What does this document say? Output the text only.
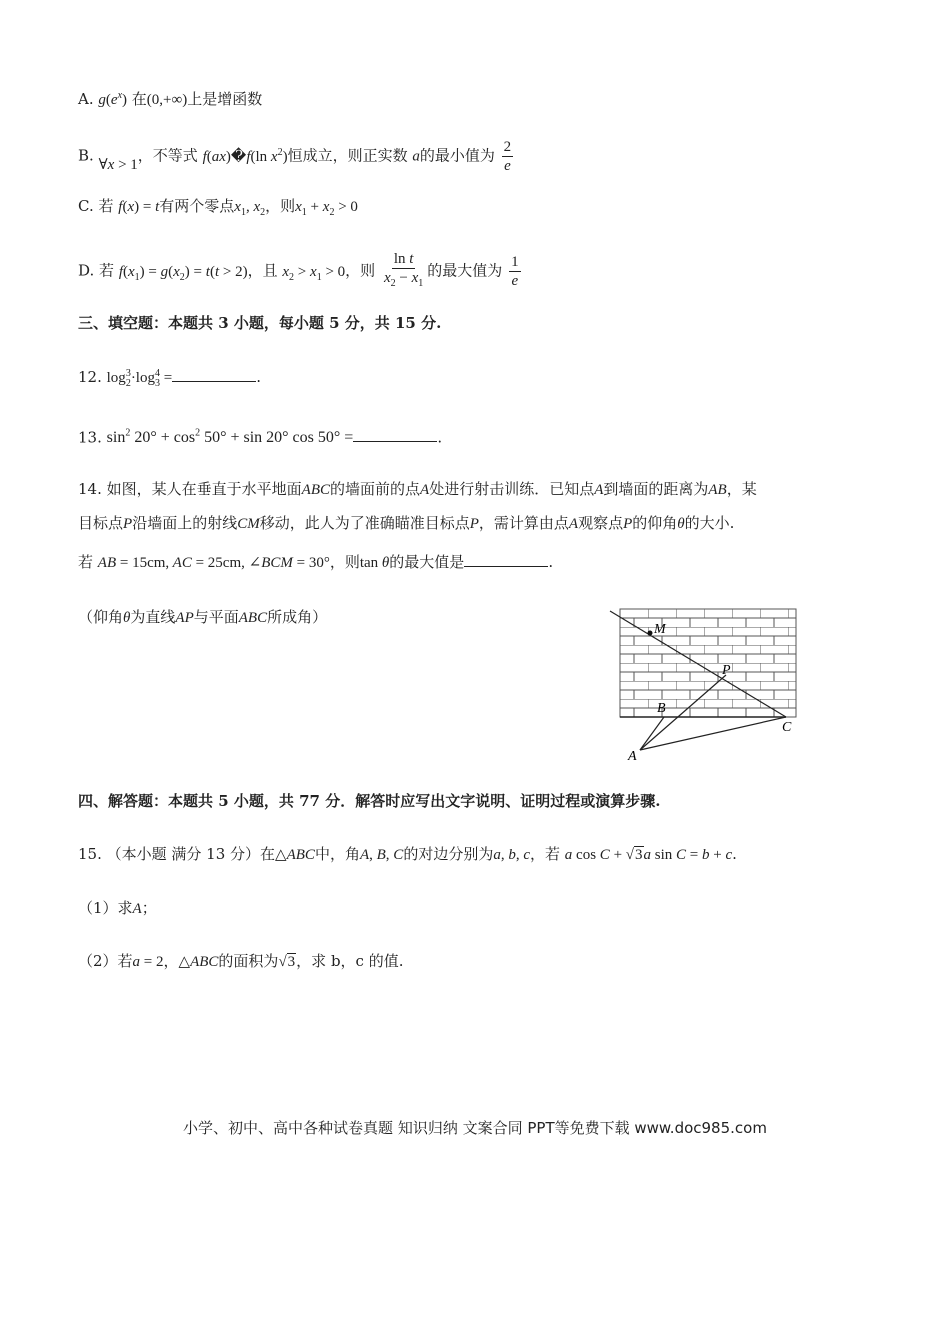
A. $g(e^x)$ 在(0,+∞)上是增函数
B. ∀x > 1，不等式 f(ax)�f(ln $x^2$)恒成立，则正实数 a的最小值为 $\frac{2}{e}$
C. 若 f(x) = t有两个零点$x_1$, $x_2$，则$x_1 + x_2 > 0$
D. 若 $f(x_1) = g(x_2) = t(t > 2)$，且 $x_2 > x_1 > 0$，则 $\frac{\text{ln t}}{x_2 - x_1}$ 的最大值为 $\frac{1}{e}$
三、填空题：本题共 3 小题，每小题 5 分，共 15 分.
12. $\log_2^3\cdot\log_3^4$ =	.
13. $\sin^2 20^\circ + \cos^2 50^\circ + \sin 20^\circ$ cos 50° =	.
14. 如图，某人在垂直于水平地面ABC的墙面前的点A处进行射击训练．已知点A到墙面的距离为AB，某
目标点P沿墙面上的射线CM移动，此人为了准确瞄准目标点P，需计算由点A观察点P的仰角θ的大小.
若 AB = 15cm, AC = 25cm, ∠BCM = 30°，则tan θ的最大值是	.
（仰角θ为直线AP与平面ABC所成角）
M
P
B
C
A
四、解答题：本题共 5 小题，共 77 分．解答时应写出文字说明、证明过程或演算步骤.
15. （本小题 满分 13 分）在△ABC中，角A, B, C的对边分别为a, b, c，若 a cos C + √3a sin C = b + c.
（1）求A；
（2）若a = 2，△ABC的面积为√3，求 b，c 的值.
小学、初中、高中各种试卷真题 知识归纳 文案合同 PPT等免费下载 www.doc985.com
